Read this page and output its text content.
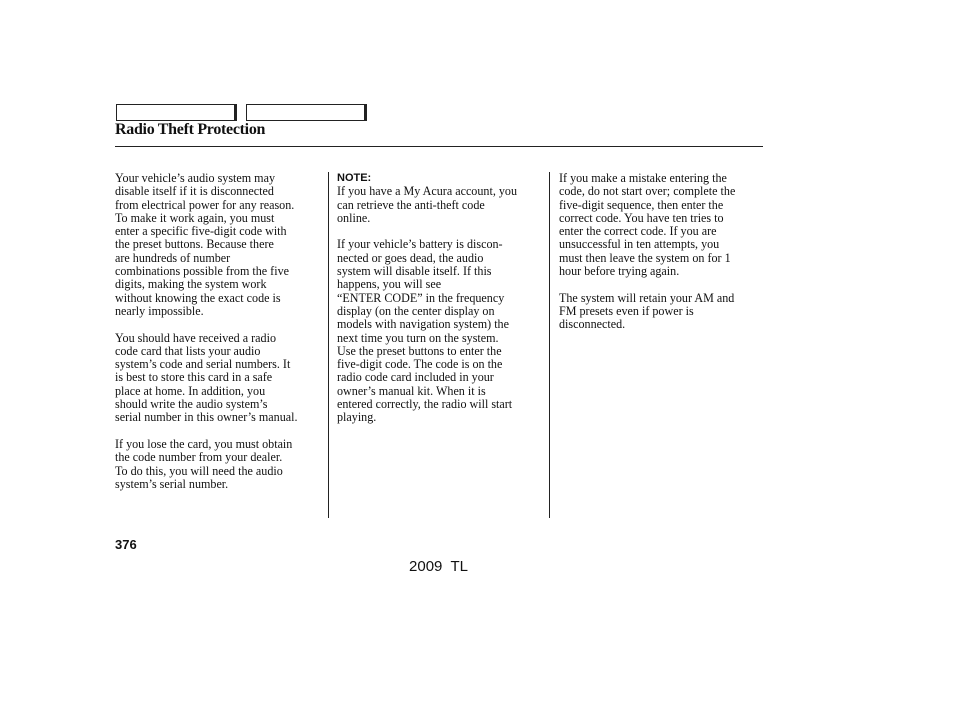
Radio Theft Protection

Your vehicle’s audio system may
disable itself if it is disconnected
from electrical power for any reason.
To make it work again, you must
enter a specific five-digit code with
the preset buttons. Because there
are hundreds of number
combinations possible from the five
digits, making the system work
without knowing the exact code is
nearly impossible.

You should have received a radio
code card that lists your audio
system’s code and serial numbers. It
is best to store this card in a safe
place at home. In addition, you
should write the audio system’s
serial number in this owner’s manual.

If you lose the card, you must obtain
the code number from your dealer.
To do this, you will need the audio
system’s serial number.

NOTE:

If you have a My Acura account, you
can retrieve the anti-theft code
online.

If your vehicle’s battery is discon-
nected or goes dead, the audio
system will disable itself. If this
happens, you will see
“ENTER CODE” in the frequency
display (on the center display on
models with navigation system) the
next time you turn on the system.
Use the preset buttons to enter the
five-digit code. The code is on the
radio code card included in your
owner’s manual kit. When it is
entered correctly, the radio will start
playing.

If you make a mistake entering the
code, do not start over; complete the
five-digit sequence, then enter the
correct code. You have ten tries to
enter the correct code. If you are
unsuccessful in ten attempts, you
must then leave the system on for 1
hour before trying again.

The system will retain your AM and
FM presets even if power is
disconnected.

376
2009  TL
